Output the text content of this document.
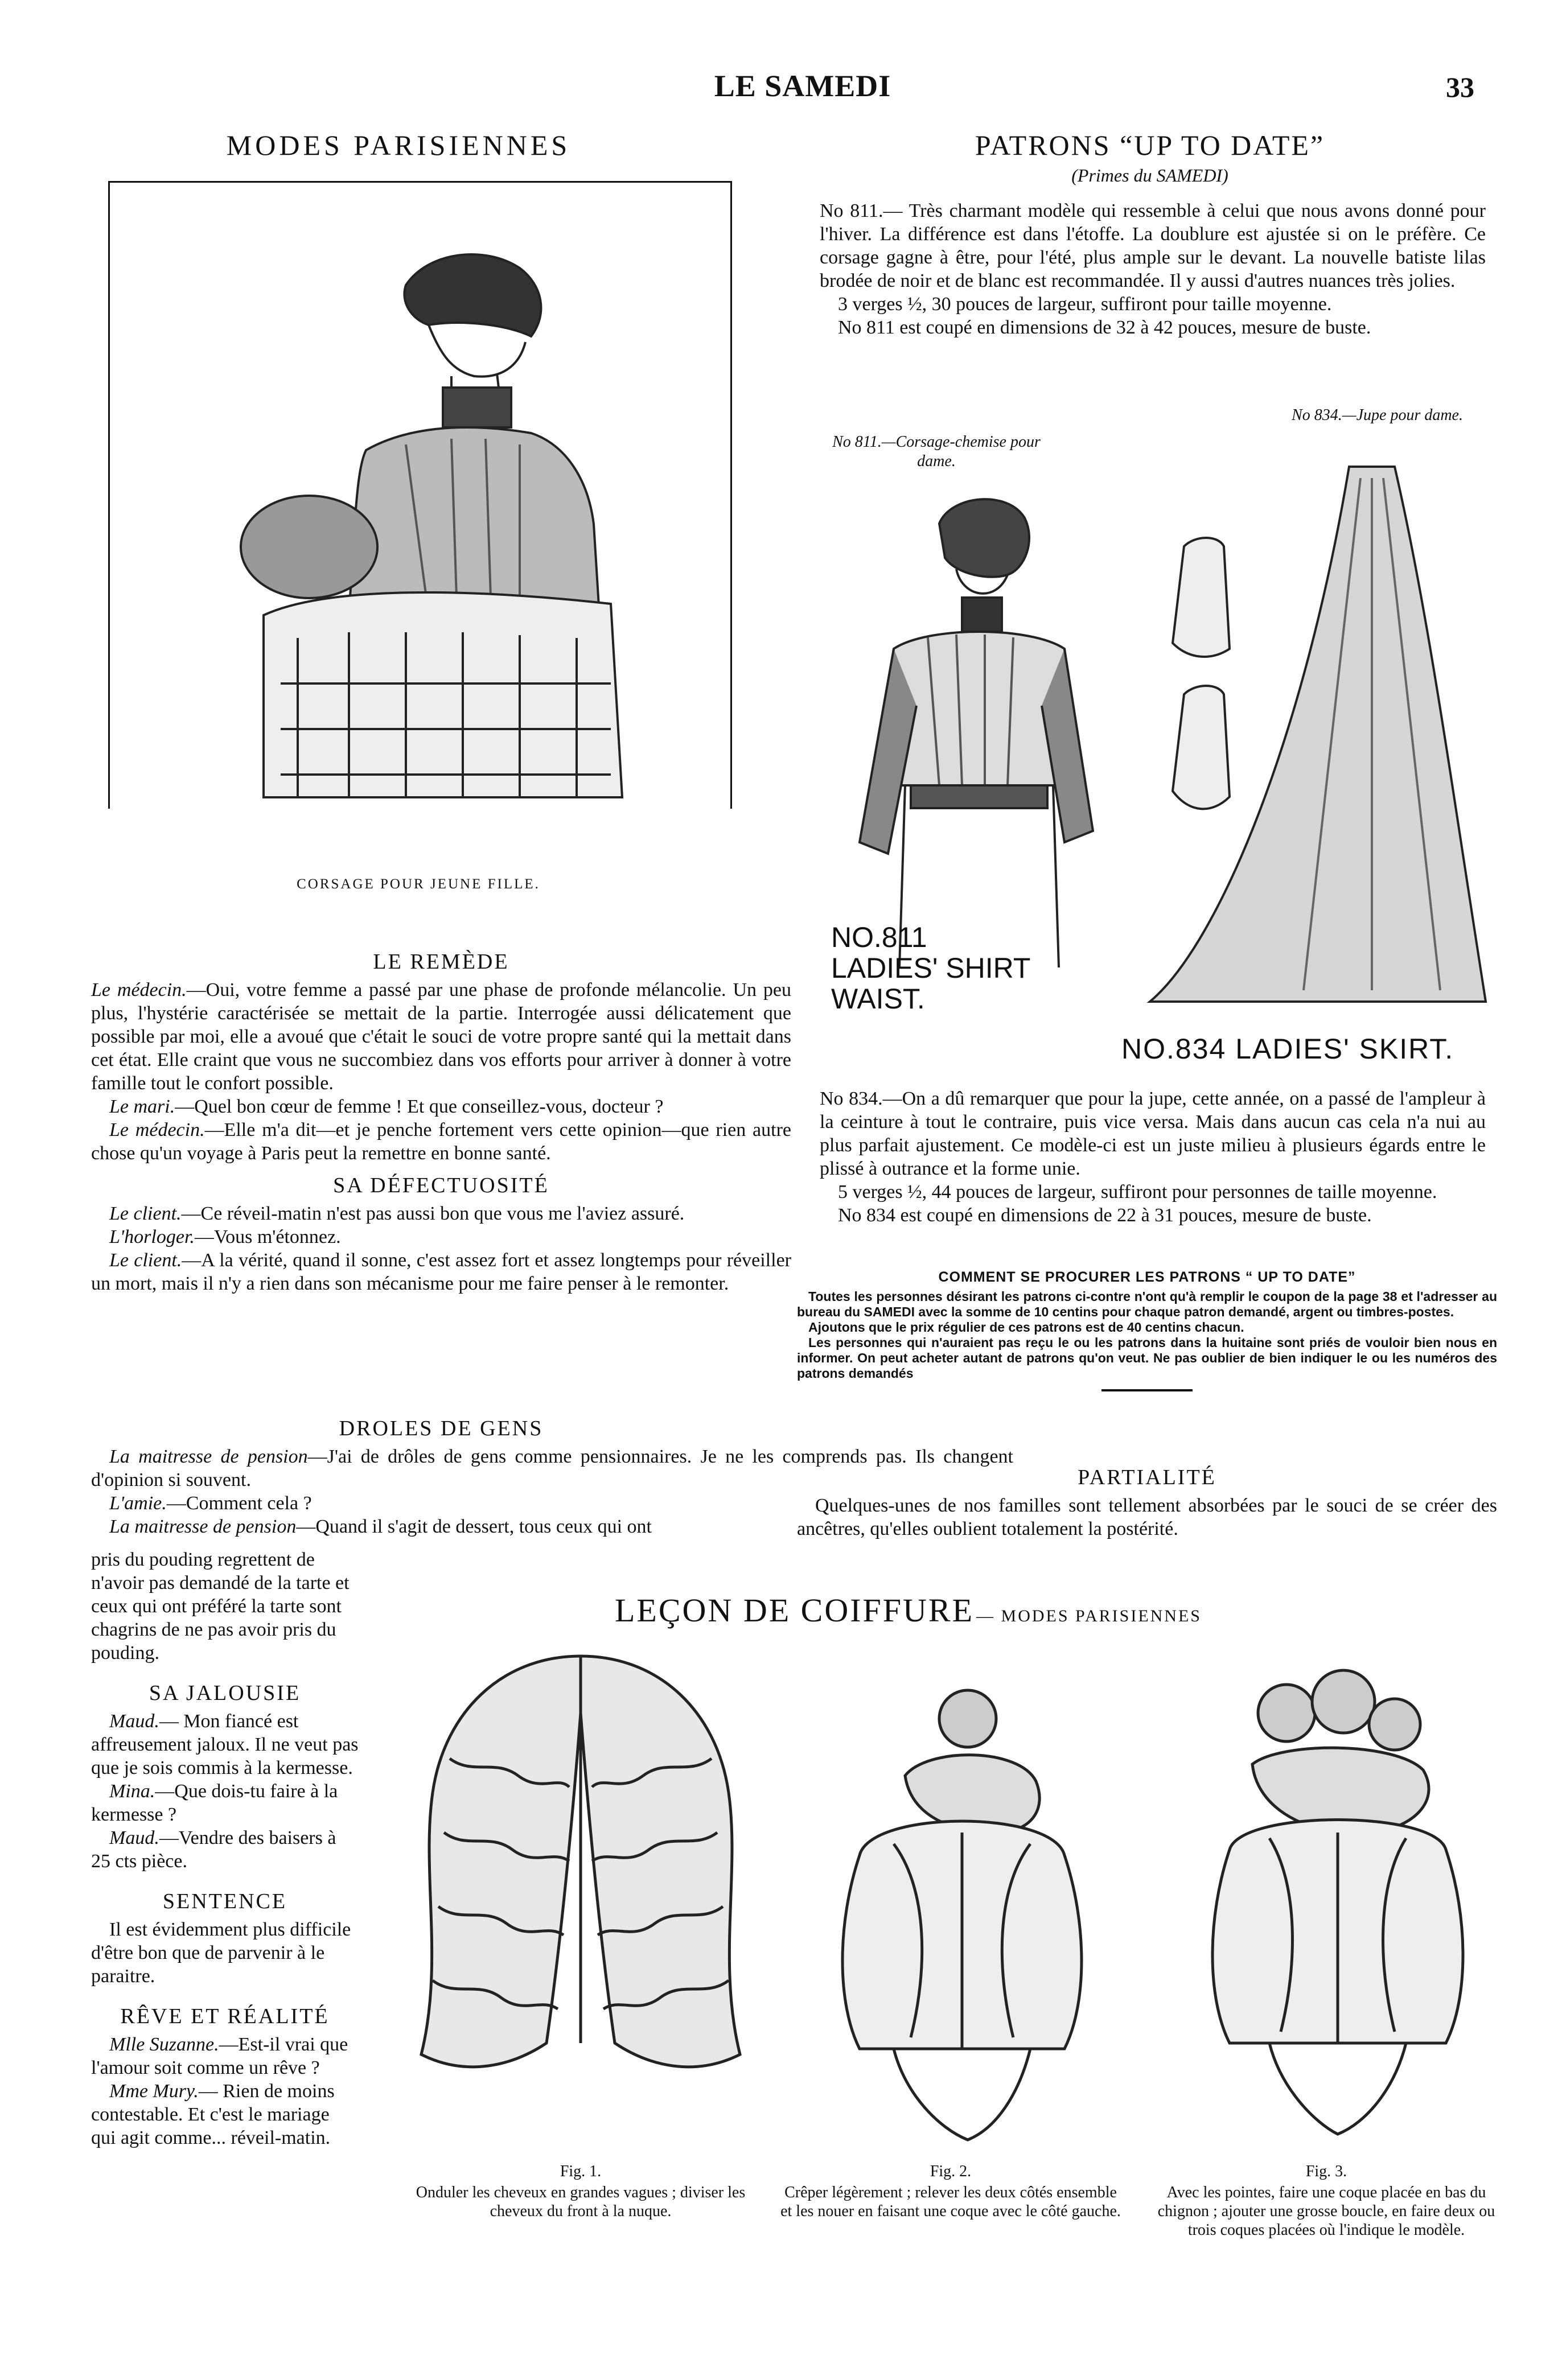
LE SAMEDI	33
MODES PARISIENNES
CORSAGE POUR JEUNE FILLE.
LE REMÈDE

Le médecin.—Oui, votre femme a passé par une phase de profonde mélancolie. Un peu plus, l'hystérie caractérisée se mettait de la partie. Interrogée aussi délicatement que possible par moi, elle a avoué que c'était le souci de votre propre santé qui la mettait dans cet état. Elle craint que vous ne succombiez dans vos efforts pour arriver à donner à votre famille tout le confort possible.

Le mari.—Quel bon cœur de femme ! Et que conseillez-vous, docteur ?

Le médecin.—Elle m'a dit—et je penche fortement vers cette opinion—que rien autre chose qu'un voyage à Paris peut la remettre en bonne santé.

SA DÉFECTUOSITÉ

Le client.—Ce réveil-matin n'est pas aussi bon que vous me l'aviez assuré.

L'horloger.—Vous m'étonnez.

Le client.—A la vérité, quand il sonne, c'est assez fort et assez longtemps pour réveiller un mort, mais il n'y a rien dans son mécanisme pour me faire penser à le remonter.

DROLES DE GENS

La maitresse de pension—J'ai de drôles de gens comme pensionnaires. Je ne les comprends pas. Ils changent d'opinion si souvent.

L'amie.—Comment cela ?

La maitresse de pension—Quand il s'agit de dessert, tous ceux qui ont

pris du pouding regrettent de n'avoir pas demandé de la tarte et ceux qui ont préféré la tarte sont chagrins de ne pas avoir pris du pouding.

SA JALOUSIE

Maud.— Mon fiancé est affreusement jaloux. Il ne veut pas que je sois commis à la kermesse.

Mina.—Que dois-tu faire à la kermesse ?

Maud.—Vendre des baisers à 25 cts pièce.

SENTENCE

Il est évidemment plus difficile d'être bon que de parvenir à le paraitre.

RÊVE ET RÉALITÉ

Mlle Suzanne.—Est-il vrai que l'amour soit comme un rêve ?

Mme Mury.— Rien de moins contestable. Et c'est le mariage qui agit comme... réveil-matin.

PATRONS “UP TO DATE”
(Primes du SAMEDI)

No 811.— Très charmant modèle qui ressemble à celui que nous avons donné pour l'hiver. La différence est dans l'étoffe. La doublure est ajustée si on le préfère. Ce corsage gagne à être, pour l'été, plus ample sur le devant. La nouvelle batiste lilas brodée de noir et de blanc est recommandée. Il y aussi d'autres nuances très jolies.

3 verges ½, 30 pouces de largeur, suffiront pour taille moyenne.

No 811 est coupé en dimensions de 32 à 42 pouces, mesure de buste.

No 834.—Jupe pour dame.
No 811.—Corsage-chemise pour dame.
NO.811 LADIES' SHIRT WAIST.
NO.834 LADIES' SKIRT.

No 834.—On a dû remarquer que pour la jupe, cette année, on a passé de l'ampleur à la ceinture à tout le contraire, puis vice versa. Mais dans aucun cas cela n'a nui au plus parfait ajustement. Ce modèle-ci est un juste milieu à plusieurs égards entre le plissé à outrance et la forme unie.

5 verges ½, 44 pouces de largeur, suffiront pour personnes de taille moyenne.

No 834 est coupé en dimensions de 22 à 31 pouces, mesure de buste.

COMMENT SE PROCURER LES PATRONS “ UP TO DATE”

Toutes les personnes désirant les patrons ci-contre n'ont qu'à remplir le coupon de la page 38 et l'adresser au bureau du SAMEDI avec la somme de 10 centins pour chaque patron demandé, argent ou timbres-postes.

Ajoutons que le prix régulier de ces patrons est de 40 centins chacun.

Les personnes qui n'auraient pas reçu le ou les patrons dans la huitaine sont priés de vouloir bien nous en informer. On peut acheter autant de patrons qu'on veut. Ne pas oublier de bien indiquer le ou les numéros des patrons demandés

PARTIALITÉ

Quelques-unes de nos familles sont tellement absorbées par le souci de se créer des ancêtres, qu'elles oublient totalement la postérité.

LEÇON DE COIFFURE — MODES PARISIENNES
Fig. 1.
Onduler les cheveux en grandes vagues ; diviser les cheveux du front à la nuque.
Fig. 2.
Crêper légèrement ; relever les deux côtés ensemble et les nouer en faisant une coque avec le côté gauche.
Fig. 3.
Avec les pointes, faire une coque placée en bas du chignon ; ajouter une grosse boucle, en faire deux ou trois coques placées où l'indique le modèle.
